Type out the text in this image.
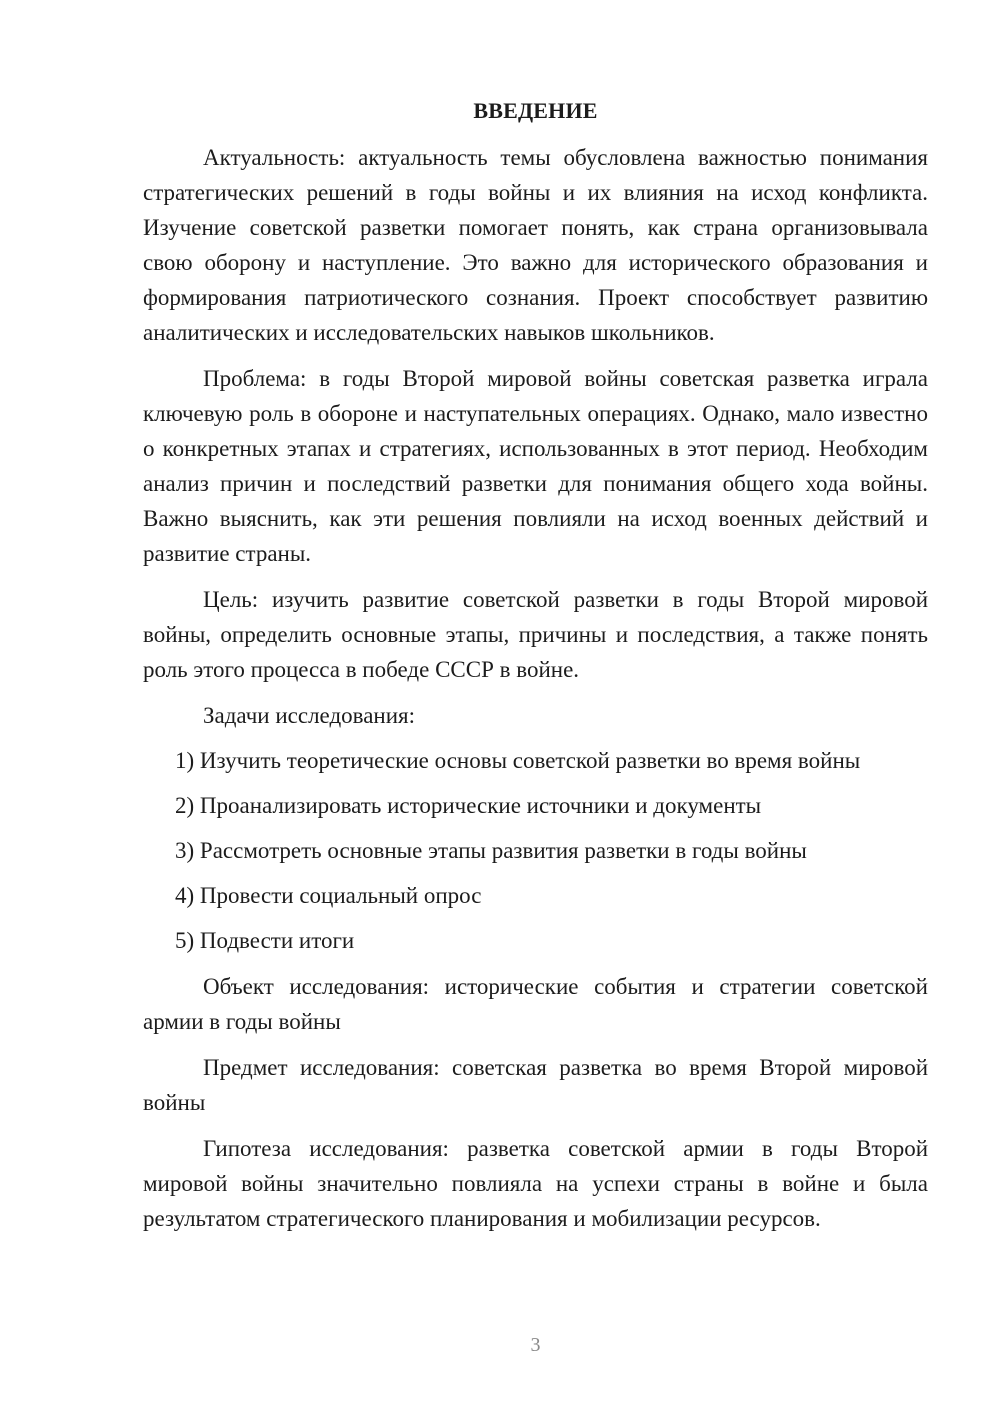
ВВЕДЕНИЕ

Актуальность: актуальность темы обусловлена важностью понимания стратегических решений в годы войны и их влияния на исход конфликта. Изучение советской разветки помогает понять, как страна организовывала свою оборону и наступление. Это важно для исторического образования и формирования патриотического сознания. Проект способствует развитию аналитических и исследовательских навыков школьников.

Проблема: в годы Второй мировой войны советская разветка играла ключевую роль в обороне и наступательных операциях. Однако, мало известно о конкретных этапах и стратегиях, использованных в этот период. Необходим анализ причин и последствий разветки для понимания общего хода войны. Важно выяснить, как эти решения повлияли на исход военных действий и развитие страны.

Цель: изучить развитие советской разветки в годы Второй мировой войны, определить основные этапы, причины и последствия, а также понять роль этого процесса в победе СССР в войне.

Задачи исследования:

1) Изучить теоретические основы советской разветки во время войны
2) Проанализировать исторические источники и документы
3) Рассмотреть основные этапы развития разветки в годы войны
4) Провести социальный опрос
5) Подвести итоги

Объект исследования: исторические события и стратегии советской армии в годы войны

Предмет исследования: советская разветка во время Второй мировой войны

Гипотеза исследования: разветка советской армии в годы Второй мировой войны значительно повлияла на успехи страны в войне и была результатом стратегического планирования и мобилизации ресурсов.

3
